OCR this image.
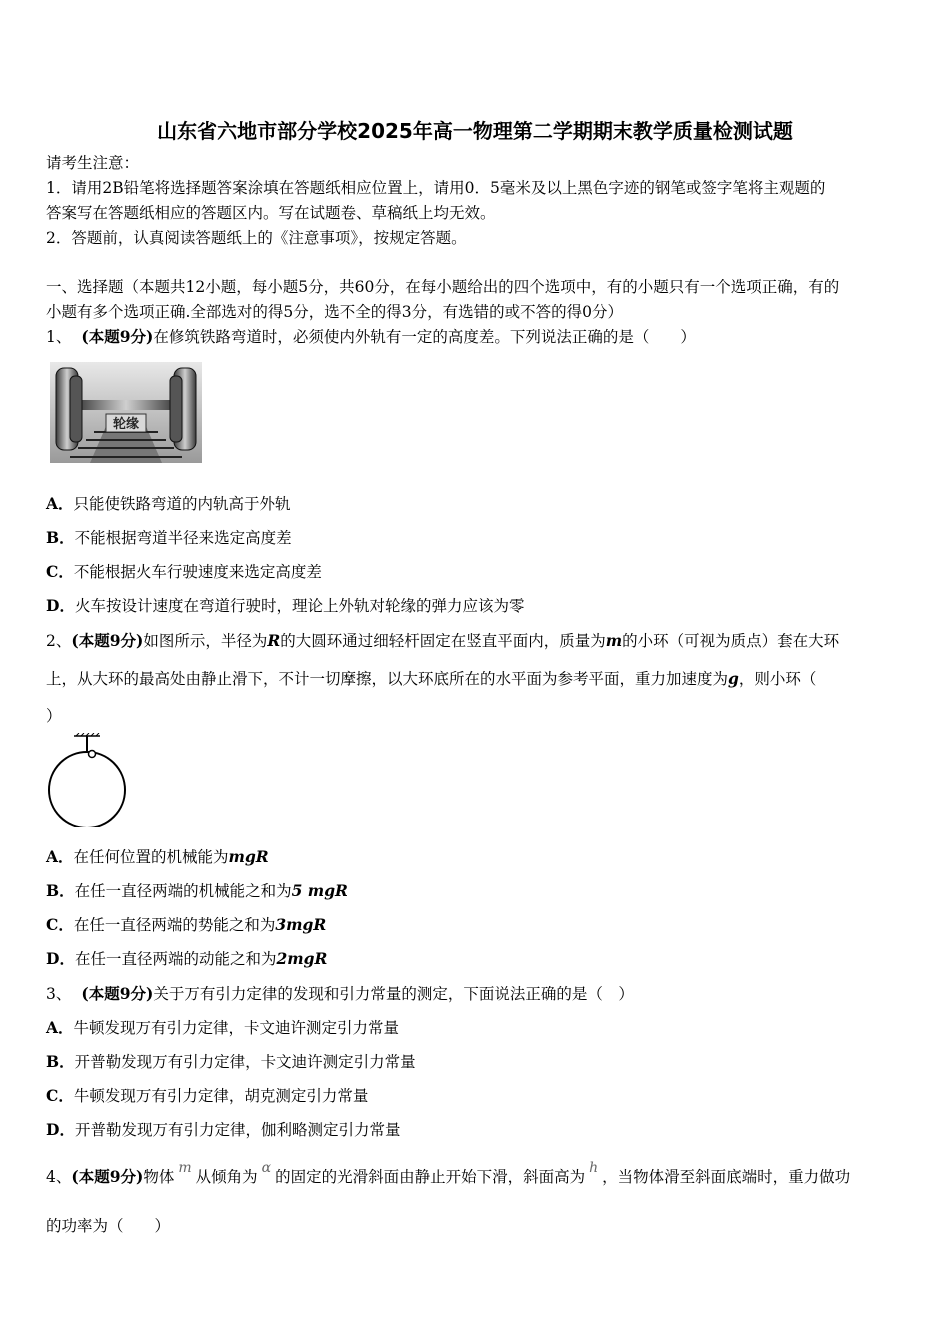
山东省六地市部分学校2025年高一物理第二学期期末教学质量检测试题
请考生注意：
1．请用2B铅笔将选择题答案涂填在答题纸相应位置上，请用0．5毫米及以上黑色字迹的钢笔或签字笔将主观题的
答案写在答题纸相应的答题区内。写在试题卷、草稿纸上均无效。
2．答题前，认真阅读答题纸上的《注意事项》，按规定答题。
一、选择题（本题共12小题，每小题5分，共60分，在每小题给出的四个选项中，有的小题只有一个选项正确，有的
小题有多个选项正确.全部选对的得5分，选不全的得3分，有选错的或不答的得0分）
1、 (本题9分)在修筑铁路弯道时，必须使内外轨有一定的高度差。下列说法正确的是（　　）
轮缘
A．只能使铁路弯道的内轨高于外轨
B．不能根据弯道半径来选定高度差
C．不能根据火车行驶速度来选定高度差
D．火车按设计速度在弯道行驶时，理论上外轨对轮缘的弹力应该为零
2、(本题9分)如图所示，半径为R的大圆环通过细轻杆固定在竖直平面内，质量为m的小环（可视为质点）套在大环
上，从大环的最高处由静止滑下，不计一切摩擦，以大环底所在的水平面为参考平面，重力加速度为g，则小环（
）
A．在任何位置的机械能为mgR
B．在任一直径两端的机械能之和为5 mgR
C．在任一直径两端的势能之和为3mgR
D．在任一直径两端的动能之和为2mgR
3、 (本题9分)关于万有引力定律的发现和引力常量的测定，下面说法正确的是（　）
A．牛顿发现万有引力定律，卡文迪许测定引力常量
B．开普勒发现万有引力定律，卡文迪许测定引力常量
C．牛顿发现万有引力定律，胡克测定引力常量
D．开普勒发现万有引力定律，伽利略测定引力常量
4、(本题9分)物体 m 从倾角为 α 的固定的光滑斜面由静止开始下滑，斜面高为 h ，当物体滑至斜面底端时，重力做功
的功率为（　　）
